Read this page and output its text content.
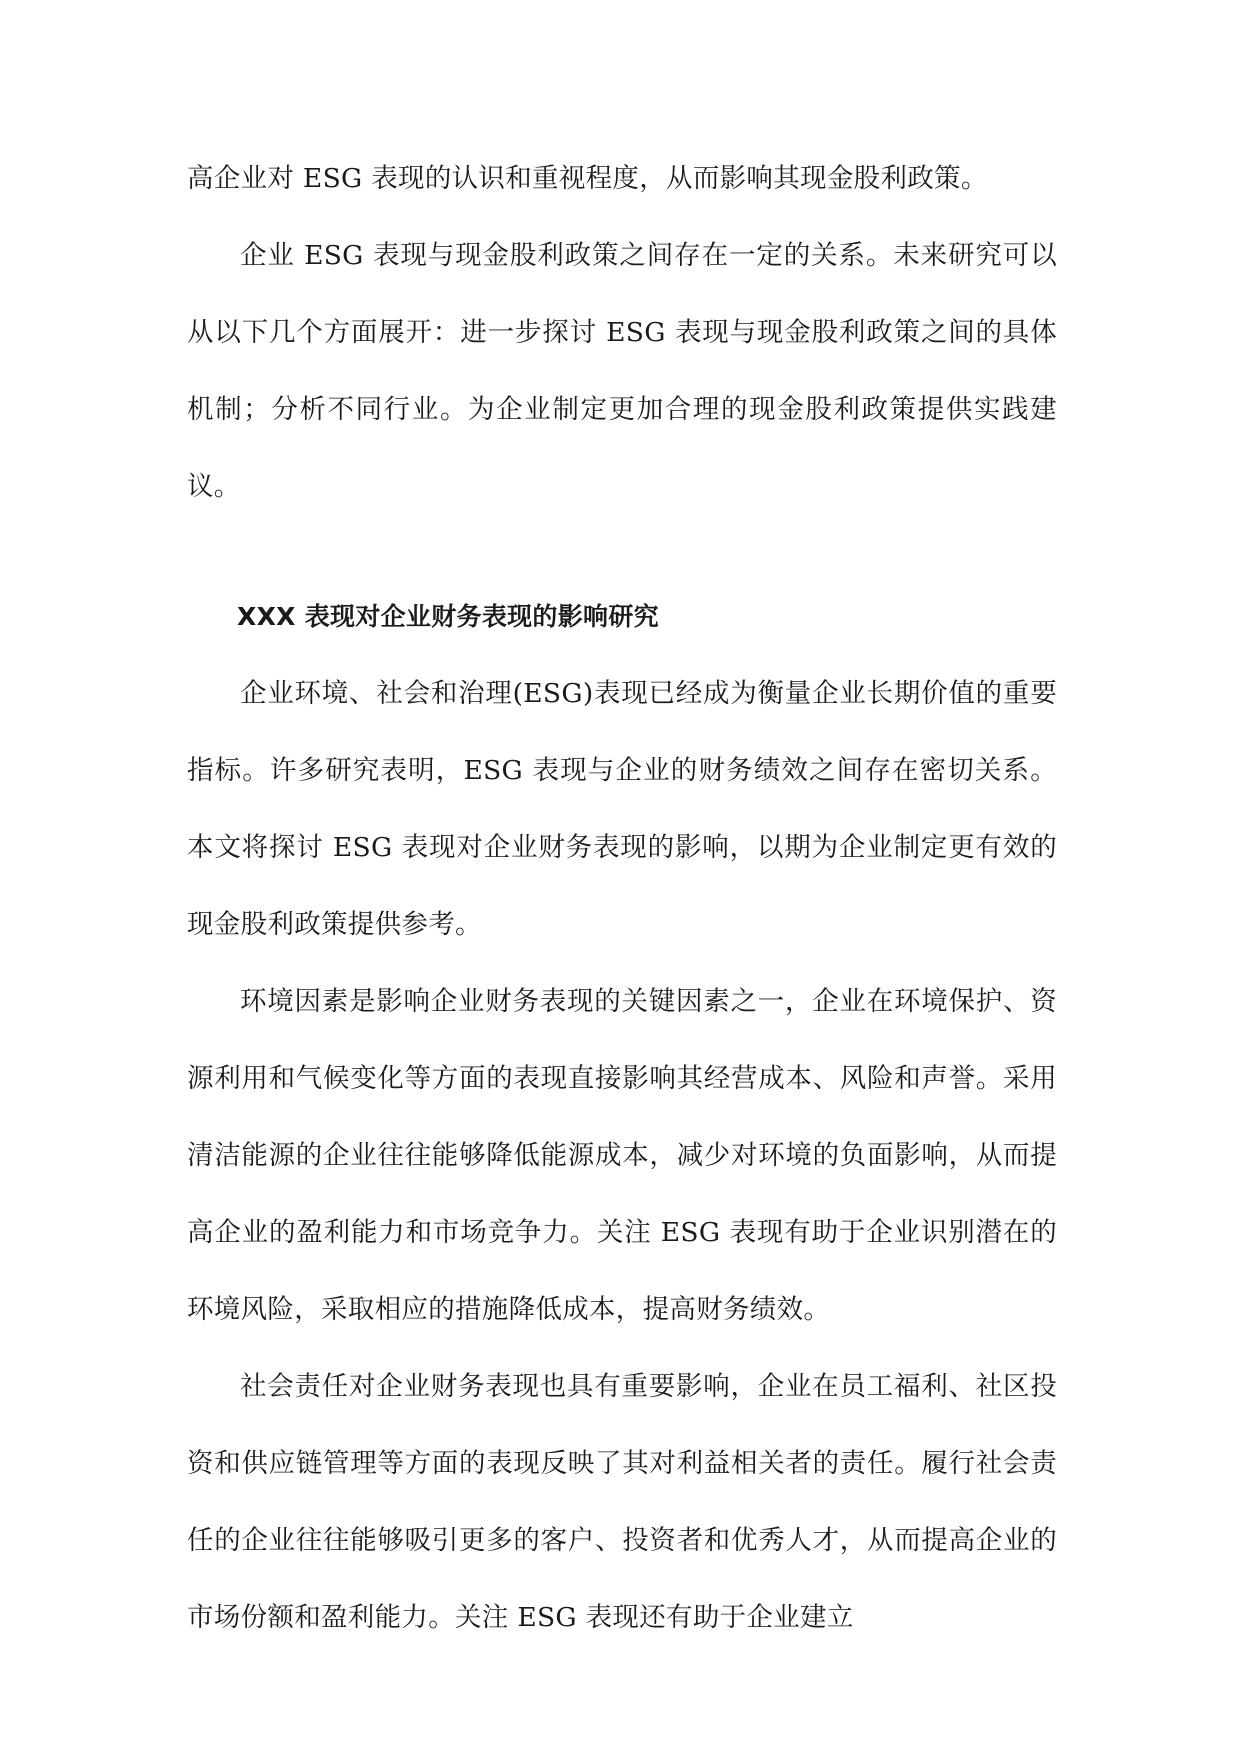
高企业对 ESG 表现的认识和重视程度，从而影响其现金股利政策。

企业 ESG 表现与现金股利政策之间存在一定的关系。未来研究可以从以下几个方面展开：进一步探讨 ESG 表现与现金股利政策之间的具体机制；分析不同行业。为企业制定更加合理的现金股利政策提供实践建议。

XXX 表现对企业财务表现的影响研究

企业环境、社会和治理(ESG)表现已经成为衡量企业长期价值的重要指标。许多研究表明，ESG 表现与企业的财务绩效之间存在密切关系。本文将探讨 ESG 表现对企业财务表现的影响，以期为企业制定更有效的现金股利政策提供参考。

环境因素是影响企业财务表现的关键因素之一，企业在环境保护、资源利用和气候变化等方面的表现直接影响其经营成本、风险和声誉。采用清洁能源的企业往往能够降低能源成本，减少对环境的负面影响，从而提高企业的盈利能力和市场竞争力。关注 ESG 表现有助于企业识别潜在的环境风险，采取相应的措施降低成本，提高财务绩效。

社会责任对企业财务表现也具有重要影响，企业在员工福利、社区投资和供应链管理等方面的表现反映了其对利益相关者的责任。履行社会责任的企业往往能够吸引更多的客户、投资者和优秀人才，从而提高企业的市场份额和盈利能力。关注 ESG 表现还有助于企业建立
